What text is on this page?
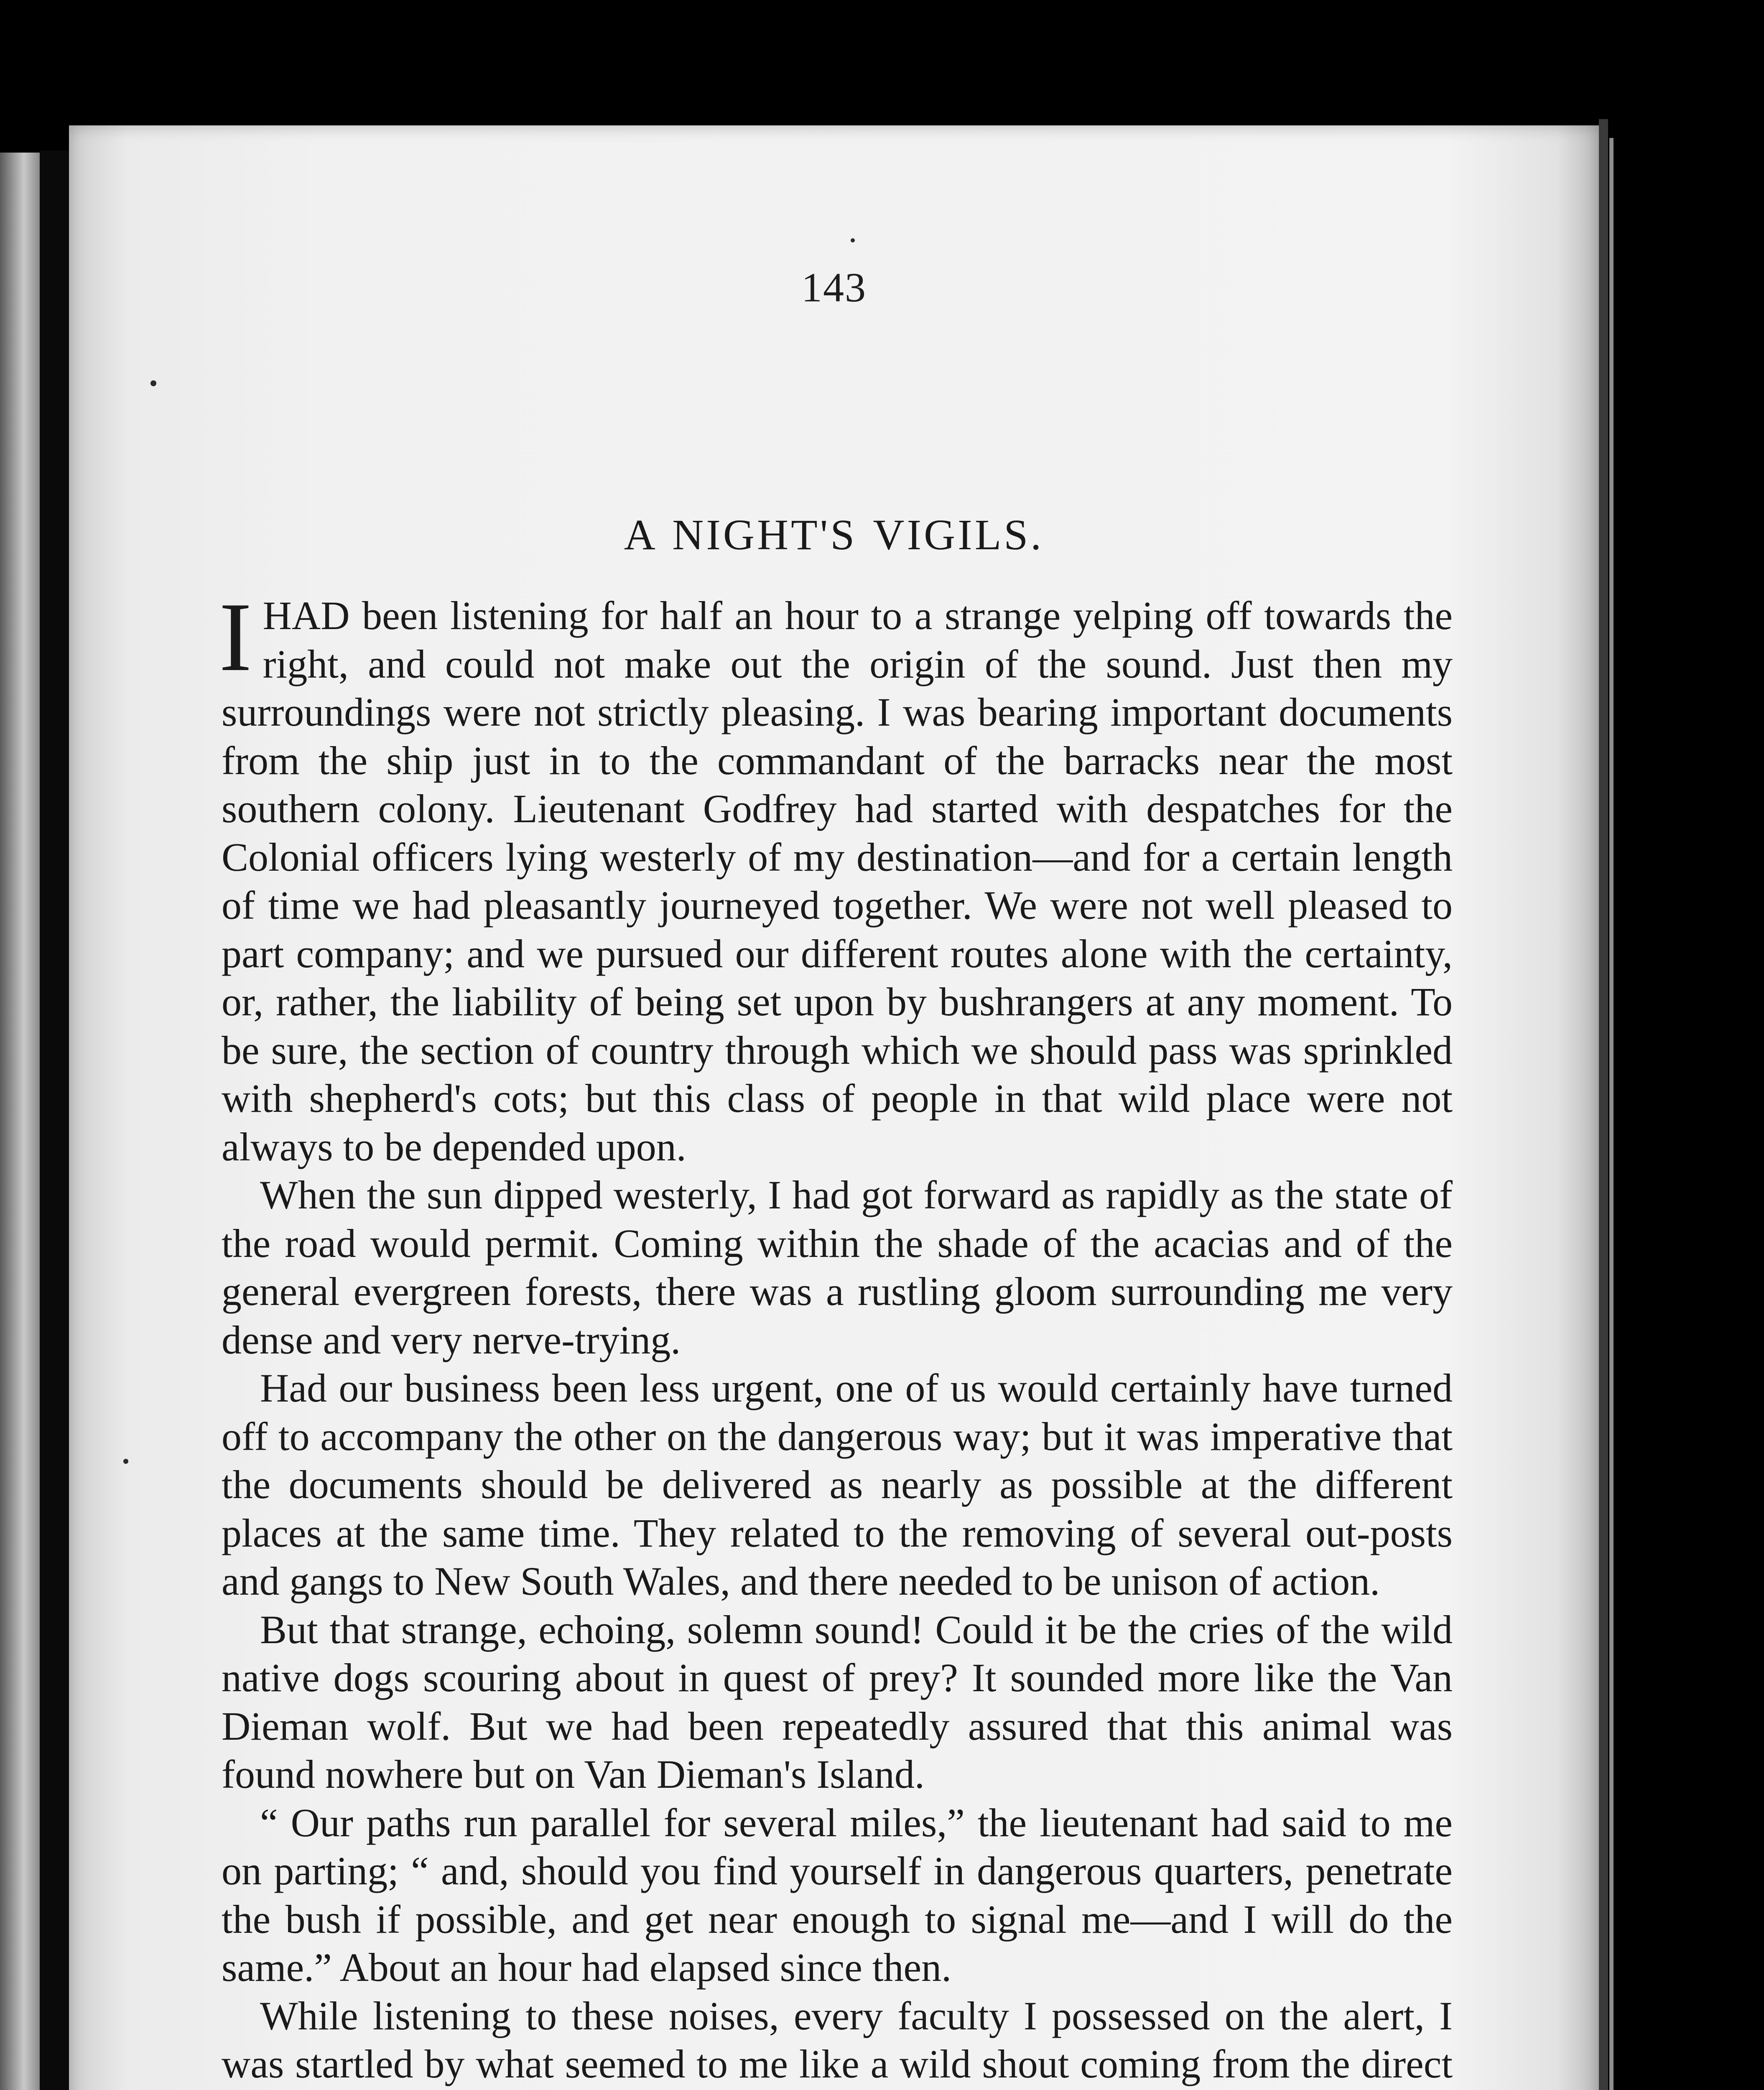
143
A NIGHT'S VIGILS.

IHAD been listening for half an hour to a strange yelping off towards the right, and could not make out the origin of the sound. Just then my surroundings were not strictly pleasing. I was bearing important documents from the ship just in to the commandant of the barracks near the most southern colony. Lieutenant Godfrey had started with despatches for the Colonial officers lying westerly of my destination—and for a certain length of time we had pleasantly journeyed together. We were not well pleased to part company; and we pursued our different routes alone with the certainty, or, rather, the liability of being set upon by bushrangers at any moment. To be sure, the section of country through which we should pass was sprinkled with shepherd's cots; but this class of people in that wild place were not always to be depended upon.

When the sun dipped westerly, I had got forward as rapidly as the state of the road would permit. Coming within the shade of the acacias and of the general evergreen forests, there was a rustling gloom surrounding me very dense and very nerve-trying.

Had our business been less urgent, one of us would certainly have turned off to accompany the other on the dangerous way; but it was imperative that the documents should be delivered as nearly as possible at the different places at the same time. They related to the removing of several out-posts and gangs to New South Wales, and there needed to be unison of action.

But that strange, echoing, solemn sound! Could it be the cries of the wild native dogs scouring about in quest of prey? It sounded more like the Van Dieman wolf. But we had been repeatedly assured that this animal was found nowhere but on Van Dieman's Island.

“ Our paths run parallel for several miles,” the lieutenant had said to me on parting; “ and, should you find yourself in dangerous quarters, penetrate the bush if possible, and get near enough to signal me—and I will do the same.” About an hour had elapsed since then.

While listening to these noises, every faculty I possessed on the alert, I was startled by what seemed to me like a wild shout coming from the direct
